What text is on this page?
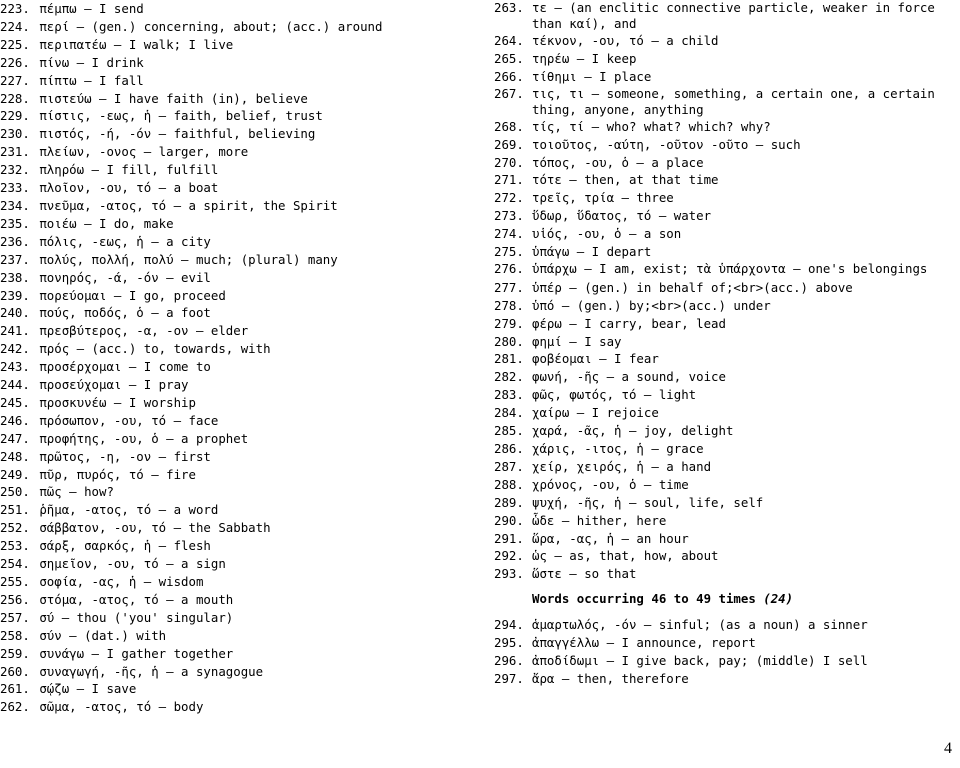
223. πέμπω – I send
224. περί – (gen.) concerning, about; (acc.) around
225. περιπατέω – I walk; I live
226. πίνω – I drink
227. πίπτω – I fall
228. πιστεύω – I have faith (in), believe
229. πίστις, -εως, ἡ – faith, belief, trust
230. πιστός, -ή, -όν – faithful, believing
231. πλείων, -ονος – larger, more
232. πληρόω – I fill, fulfill
233. πλοῖον, -ου, τό – a boat
234. πνεῦμα, -ατος, τό – a spirit, the Spirit
235. ποιέω – I do, make
236. πόλις, -εως, ἡ – a city
237. πολύς, πολλή, πολύ – much; (plural) many
238. πονηρός, -ά, -όν – evil
239. πορεύομαι – I go, proceed
240. πούς, ποδός, ὁ – a foot
241. πρεσβύτερος, -α, -ον – elder
242. πρός – (acc.) to, towards, with
243. προσέρχομαι – I come to
244. προσεύχομαι – I pray
245. προσκυνέω – I worship
246. πρόσωπον, -ου, τό – face
247. προφήτης, -ου, ὁ – a prophet
248. πρῶτος, -η, -ον – first
249. πῦρ, πυρός, τό – fire
250. πῶς – how?
251. ῥῆμα, -ατος, τό – a word
252. σάββατον, -ου, τό – the Sabbath
253. σάρξ, σαρκός, ἡ – flesh
254. σημεῖον, -ου, τό – a sign
255. σοφία, -ας, ἡ – wisdom
256. στόμα, -ατος, τό – a mouth
257. σύ – thou ('you' singular)
258. σύν – (dat.) with
259. συνάγω – I gather together
260. συναγωγή, -ῆς, ἡ – a synagogue
261. σῴζω – I save
262. σῶμα, -ατος, τό – body
263. τε – (an enclitic connective particle, weaker in force than καί), and
264. τέκνον, -ου, τό – a child
265. τηρέω – I keep
266. τίθημι – I place
267. τις, τι – someone, something, a certain one, a certain thing, anyone, anything
268. τίς, τί – who? what? which? why?
269. τοιοῦτος, -αύτη, -οῦτον -οῦτο – such
270. τόπος, -ου, ὁ – a place
271. τότε – then, at that time
272. τρεῖς, τρία – three
273. ὕδωρ, ὕδατος, τό – water
274. υἱός, -ου, ὁ – a son
275. ὑπάγω – I depart
276. ὑπάρχω – I am, exist; τὰ ὑπάρχοντα – one's belongings
277. ὑπέρ – (gen.) in behalf of;<br>(acc.) above
278. ὑπό – (gen.) by;<br>(acc.) under
279. φέρω – I carry, bear, lead
280. φημί – I say
281. φοβέομαι – I fear
282. φωνή, -ῆς – a sound, voice
283. φῶς, φωτός, τό – light
284. χαίρω – I rejoice
285. χαρά, -ᾶς, ἡ – joy, delight
286. χάρις, -ιτος, ἡ – grace
287. χείρ, χειρός, ἡ – a hand
288. χρόνος, -ου, ὁ – time
289. ψυχή, -ῆς, ἡ – soul, life, self
290. ὧδε – hither, here
291. ὥρα, -ας, ἡ – an hour
292. ὡς – as, that, how, about
293. ὥστε – so that
Words occurring 46 to 49 times (24)
294. ἁμαρτωλός, -όν – sinful; (as a noun) a sinner
295. ἀπαγγέλλω – I announce, report
296. ἀποδίδωμι – I give back, pay; (middle) I sell
297. ἄρα – then, therefore
4
